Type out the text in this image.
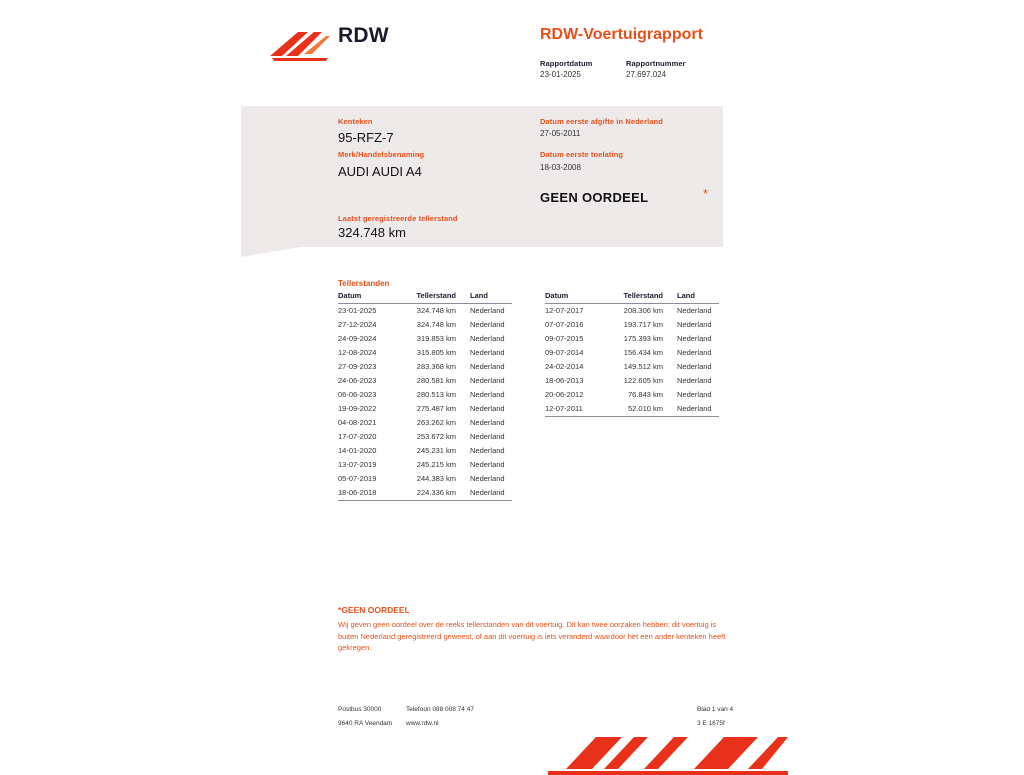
RDW	RDW-Voertuigrapport
Rapportdatum
23-01-2025
Rapportnummer
27.697.024
Kenteken
95-RFZ-7
Merk/Handelsbenaming
AUDI AUDI A4
Laatst geregistreerde tellerstand
324.748 km
Datum eerste afgifte in Nederland
27-05-2011
Datum eerste toelating
18-03-2008
GEEN OORDEEL	*
Tellerstanden
Datum	Tellerstand	Land
23-01-2025	324.748 km	Nederland
27-12-2024	324.748 km	Nederland
24-09-2024	319.853 km	Nederland
12-08-2024	315.805 km	Nederland
27-09-2023	283.368 km	Nederland
24-06-2023	280.581 km	Nederland
06-06-2023	280.513 km	Nederland
19-09-2022	275.487 km	Nederland
04-08-2021	263.262 km	Nederland
17-07-2020	253.672 km	Nederland
14-01-2020	245.231 km	Nederland
13-07-2019	245.215 km	Nederland
05-07-2019	244.383 km	Nederland
18-06-2018	224.336 km	Nederland
Datum	Tellerstand	Land
12-07-2017	208.306 km	Nederland
07-07-2016	193.717 km	Nederland
09-07-2015	175.393 km	Nederland
09-07-2014	156.434 km	Nederland
24-02-2014	149.512 km	Nederland
18-06-2013	122.605 km	Nederland
20-06-2012	76.843 km	Nederland
12-07-2011	52.010 km	Nederland
*GEEN OORDEEL
Wij geven geen oordeel over de reeks tellerstanden van dit voertuig. Dit kan twee oorzaken hebben: dit voertuig is buiten Nederland geregistreerd geweest, of aan dit voertuig is iets veranderd waardoor het een ander kenteken heeft gekregen.
Postbus 30000
9640 RA Veendam
Telefoon 088 008 74 47
www.rdw.nl
Blad 1 van 4
3 E 1675f
